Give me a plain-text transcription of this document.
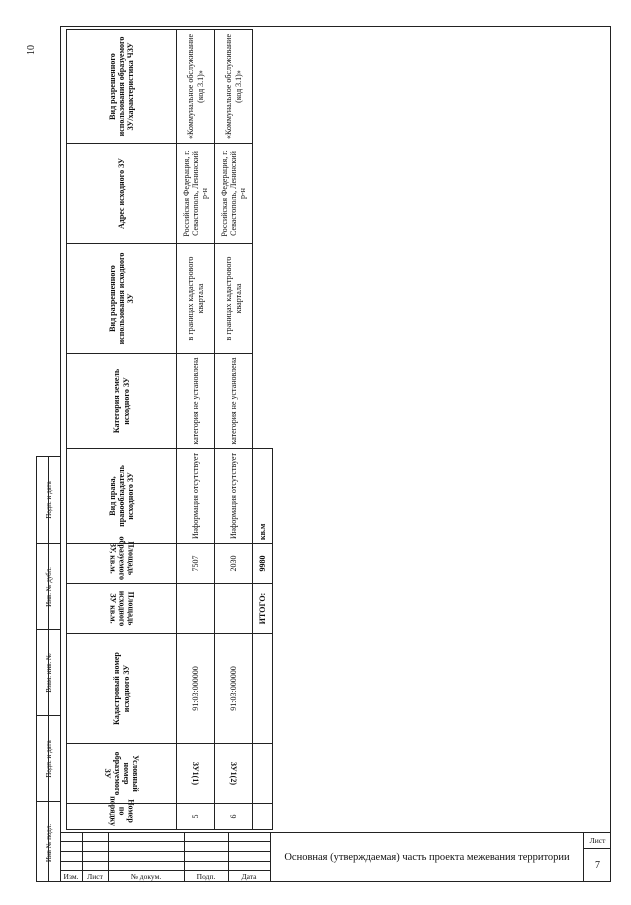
10
Подп. и дата
Инв. № дубл.
Взам. инв. №
Подп. и дата
Инв № подл.
Номер по порядку	Условный номер образуемого ЗУ	Кадастровый номер исходного ЗУ	Площадь исходного ЗУ кв.м.	Площадь образуемого ЗУ, кв.м.	Вид права, правообладатель исходного ЗУ	Категория земель исходного ЗУ	Вид разрешенного использования исходного ЗУ	Адрес исходного ЗУ	Вид разрешенного использования образуемого ЗУ/характеристика ЧЗУ
5	ЗУ1(1)	91:03:000000		7507	Информация отсутствует	категория не установлена	в границах кадастрового квартала	Российская Федерация, г. Севастополь, Ленинский р-н	«Коммунальное обслуживание (код 3.1)»
6	ЗУ1(2)	91:03:000000		2030	Информация отсутствует	категория не установлена	в границах кадастрового квартала	Российская Федерация, г. Севастополь, Ленинский р-н	«Коммунальное обслуживание (код 3.1)»
			ИТОГО:	9980	кв.м				
Изм.	Лист	№ докум.	Подп.	Дата
Основная (утверждаемая) часть проекта межевания территории
Лист
7
